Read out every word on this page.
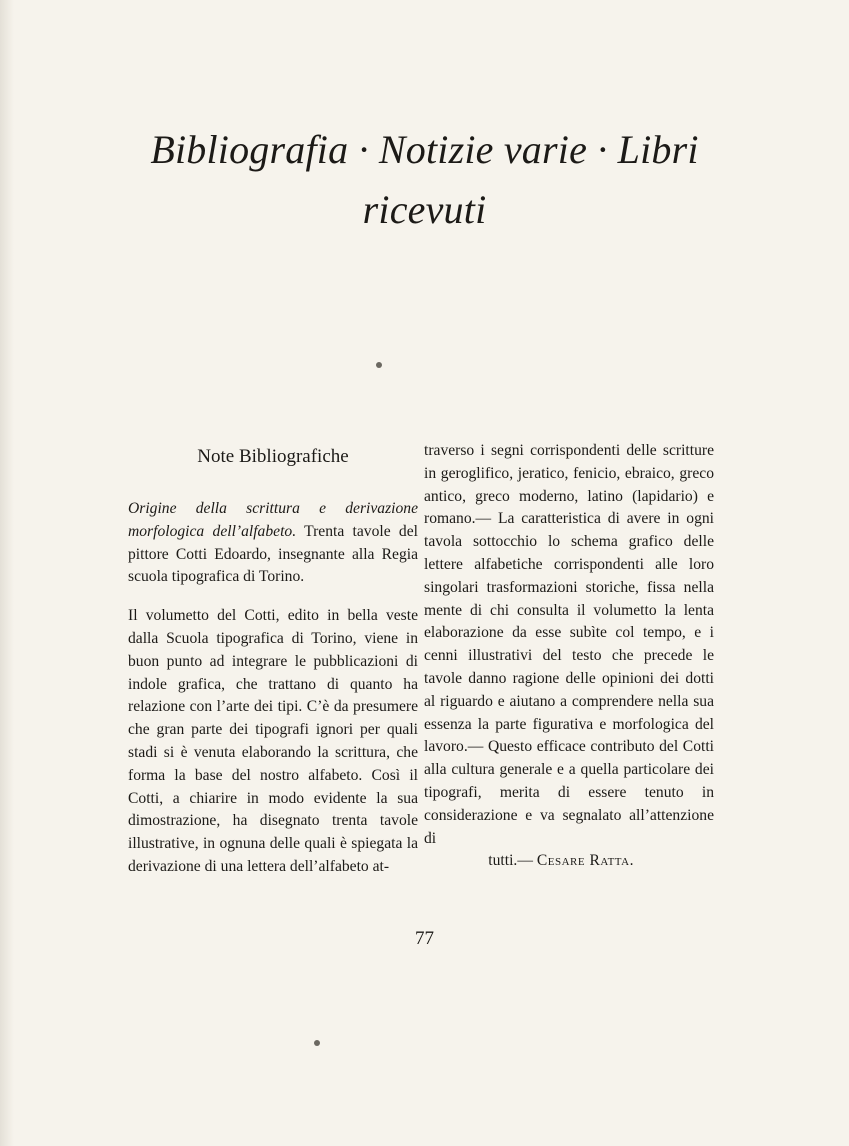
Bibliografia · Notizie varie · Libri
ricevuti
Note Bibliografiche

Origine della scrittura e derivazione morfologica dell’alfabeto. Trenta tavole del pittore Cotti Edoardo, insegnante alla Regia scuola tipografica di Torino.

Il volumetto del Cotti, edito in bella veste dalla Scuola tipografica di Torino, viene in buon punto ad integrare le pubblicazioni di indole grafica, che trattano di quanto ha relazione con l’arte dei tipi. C’è da presumere che gran parte dei tipografi ignori per quali stadi si è venuta elaborando la scrittura, che forma la base del nostro alfabeto. Così il Cotti, a chiarire in modo evidente la sua dimostrazione, ha disegnato trenta tavole illustrative, in ognuna delle quali è spiegata la derivazione di una lettera dell’alfabeto at-

traverso i segni corrispondenti delle scritture in geroglifico, jeratico, fenicio, ebraico, greco antico, greco moderno, latino (lapidario) e romano.— La caratteristica di avere in ogni tavola sottocchio lo schema grafico delle lettere alfabetiche corrispondenti alle loro singolari trasformazioni storiche, fissa nella mente di chi consulta il volumetto la lenta elaborazione da esse subìte col tempo, e i cenni illustrativi del testo che precede le tavole danno ragione delle opinioni dei dotti al riguardo e aiutano a comprendere nella sua essenza la parte figurativa e morfologica del lavoro.— Questo efficace contributo del Cotti alla cultura generale e a quella particolare dei tipografi, merita di essere tenuto in considerazione e va segnalato all’attenzione di

tutti.— Cesare Ratta.

77
